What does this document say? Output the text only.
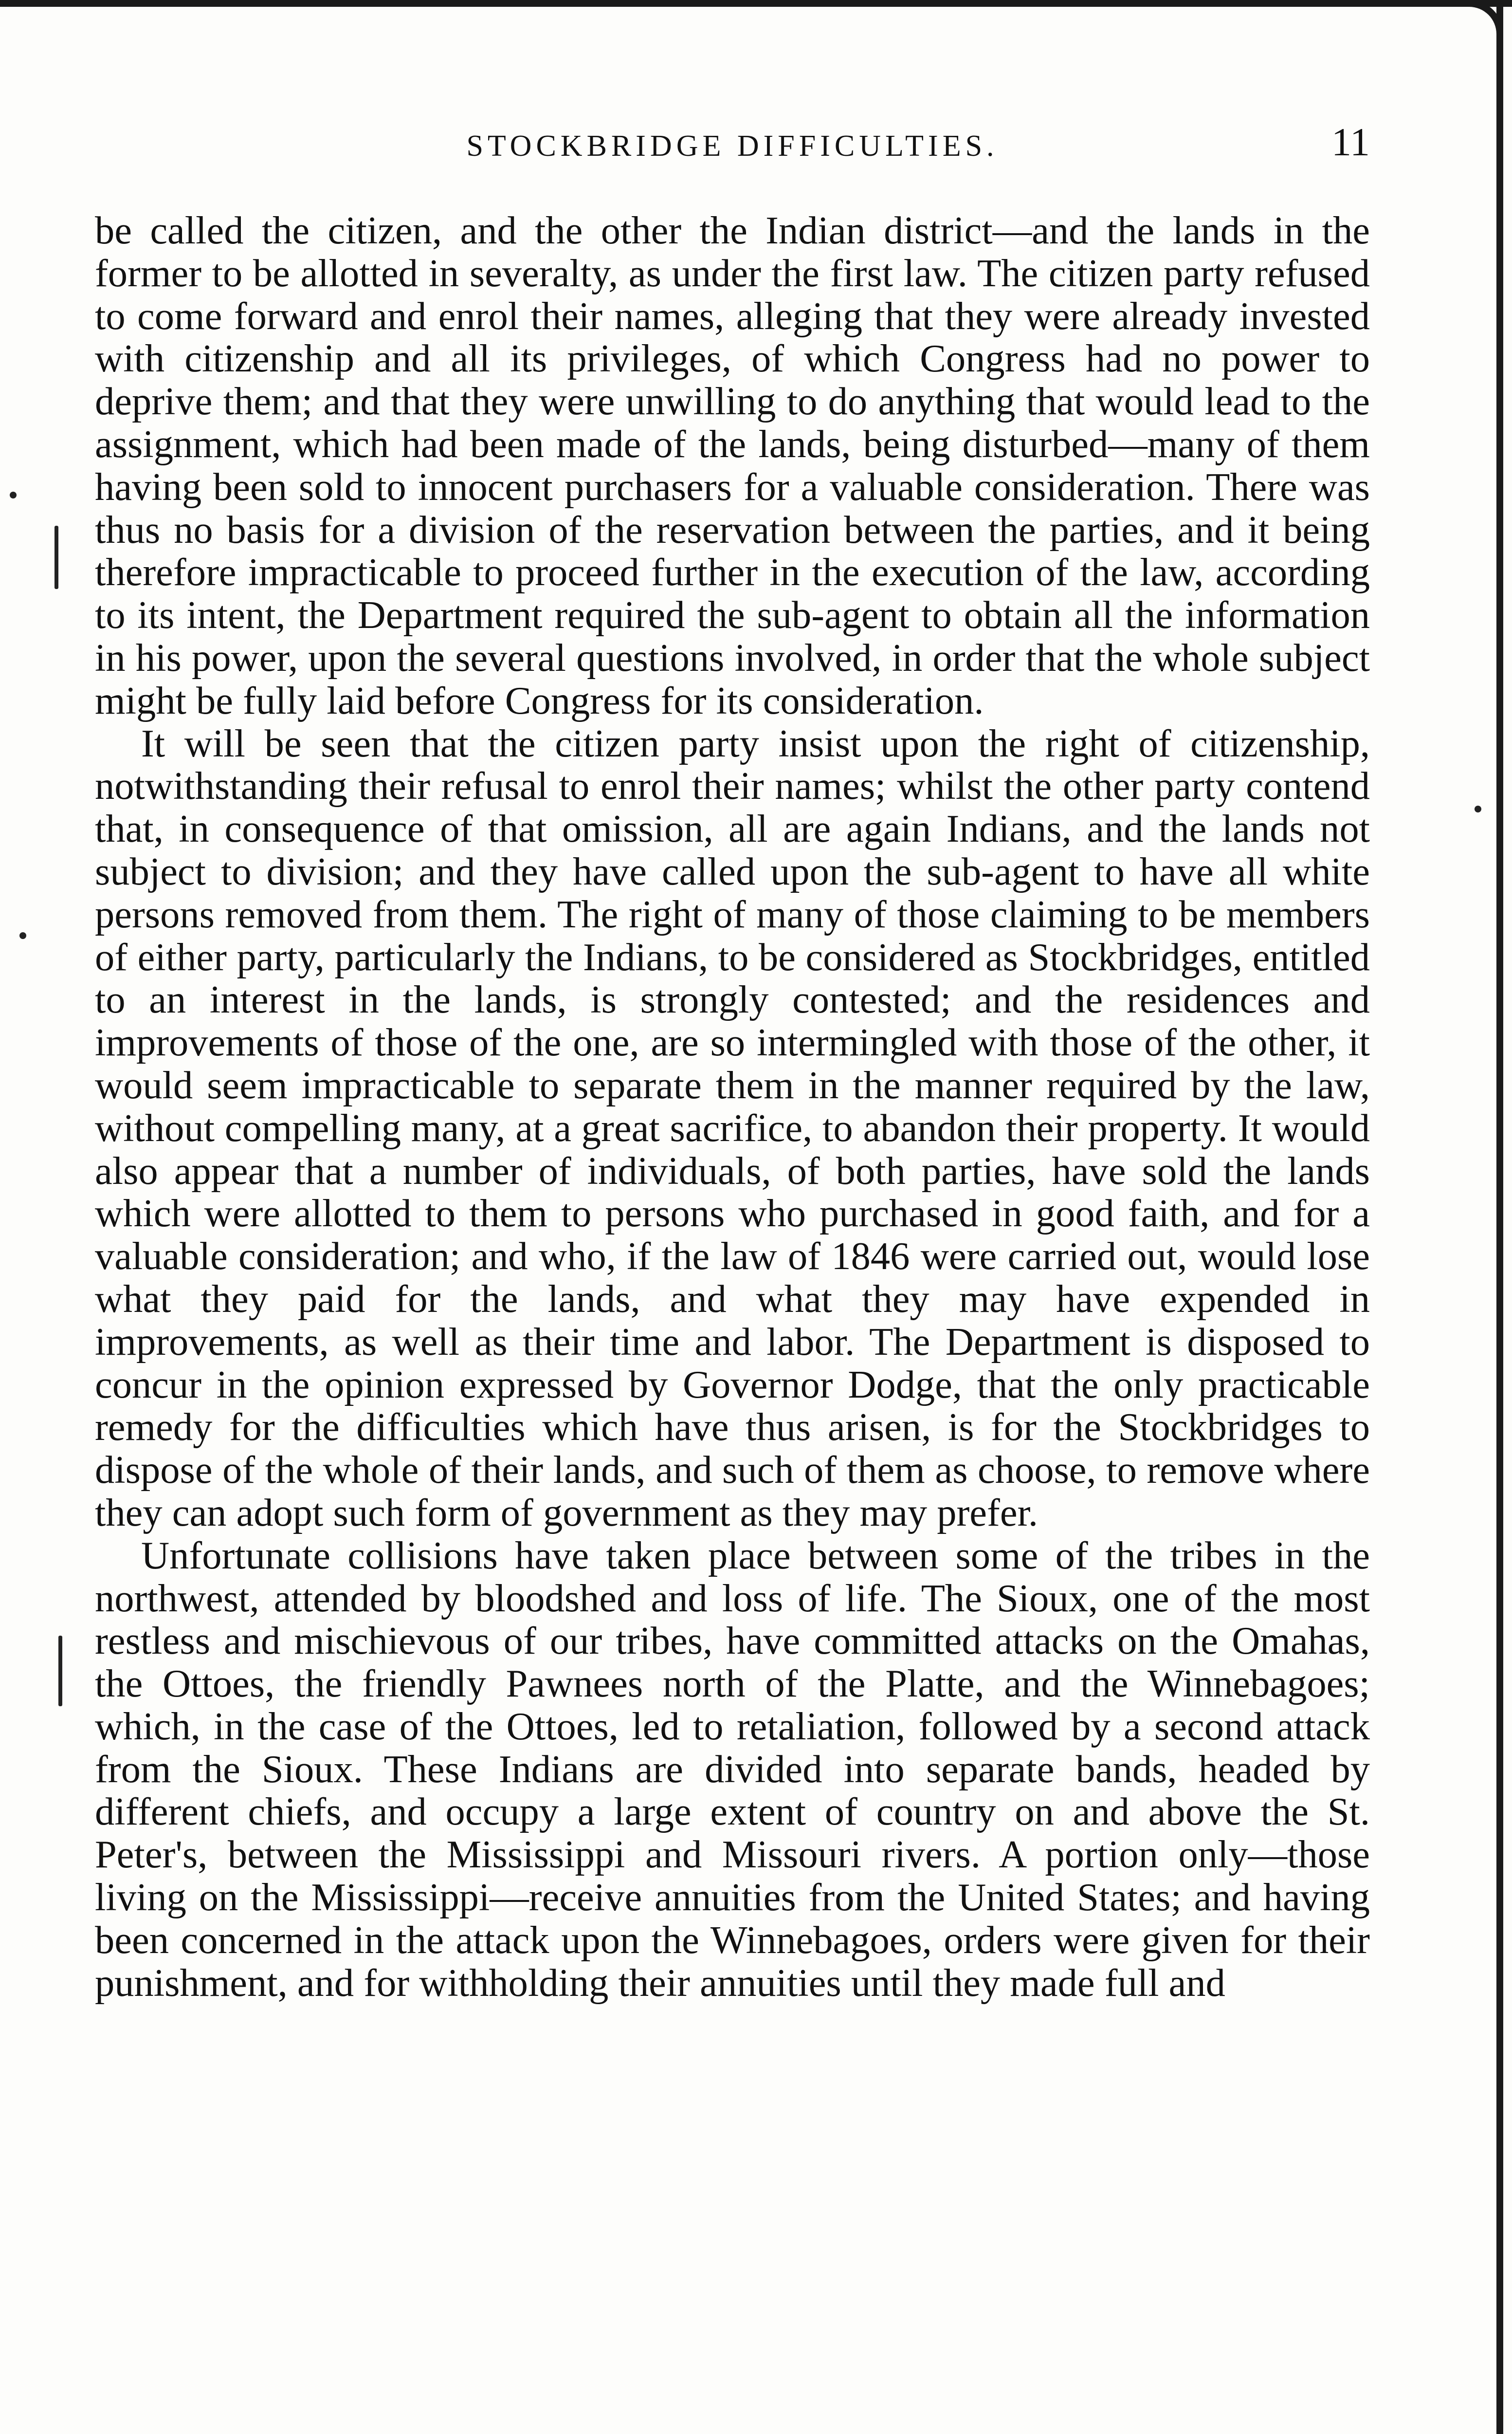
STOCKBRIDGE DIFFICULTIES.	11

be called the citizen, and the other the Indian district—and the lands in the former to be allotted in severalty, as under the first law. The citizen party refused to come forward and enrol their names, alleging that they were already invested with citizenship and all its privileges, of which Congress had no power to deprive them; and that they were unwilling to do anything that would lead to the assignment, which had been made of the lands, being disturbed—many of them having been sold to innocent purchasers for a valuable consideration. There was thus no basis for a division of the reservation between the parties, and it being therefore impracticable to proceed further in the execution of the law, according to its intent, the Department required the sub-agent to obtain all the information in his power, upon the several questions involved, in order that the whole subject might be fully laid before Congress for its consideration.

It will be seen that the citizen party insist upon the right of citizenship, notwithstanding their refusal to enrol their names; whilst the other party contend that, in consequence of that omission, all are again Indians, and the lands not subject to division; and they have called upon the sub-agent to have all white persons removed from them. The right of many of those claiming to be members of either party, particularly the Indians, to be considered as Stockbridges, entitled to an interest in the lands, is strongly contested; and the residences and improvements of those of the one, are so intermingled with those of the other, it would seem impracticable to separate them in the manner required by the law, without compelling many, at a great sacrifice, to abandon their property. It would also appear that a number of individuals, of both parties, have sold the lands which were allotted to them to persons who purchased in good faith, and for a valuable consideration; and who, if the law of 1846 were carried out, would lose what they paid for the lands, and what they may have expended in improvements, as well as their time and labor. The Department is disposed to concur in the opinion expressed by Governor Dodge, that the only practicable remedy for the difficulties which have thus arisen, is for the Stockbridges to dispose of the whole of their lands, and such of them as choose, to remove where they can adopt such form of government as they may prefer.

Unfortunate collisions have taken place between some of the tribes in the northwest, attended by bloodshed and loss of life. The Sioux, one of the most restless and mischievous of our tribes, have committed attacks on the Omahas, the Ottoes, the friendly Pawnees north of the Platte, and the Winnebagoes; which, in the case of the Ottoes, led to retaliation, followed by a second attack from the Sioux. These Indians are divided into separate bands, headed by different chiefs, and occupy a large extent of country on and above the St. Peter's, between the Mississippi and Missouri rivers. A portion only—those living on the Mississippi—receive annuities from the United States; and having been concerned in the attack upon the Winnebagoes, orders were given for their punishment, and for withholding their annuities until they made full and
